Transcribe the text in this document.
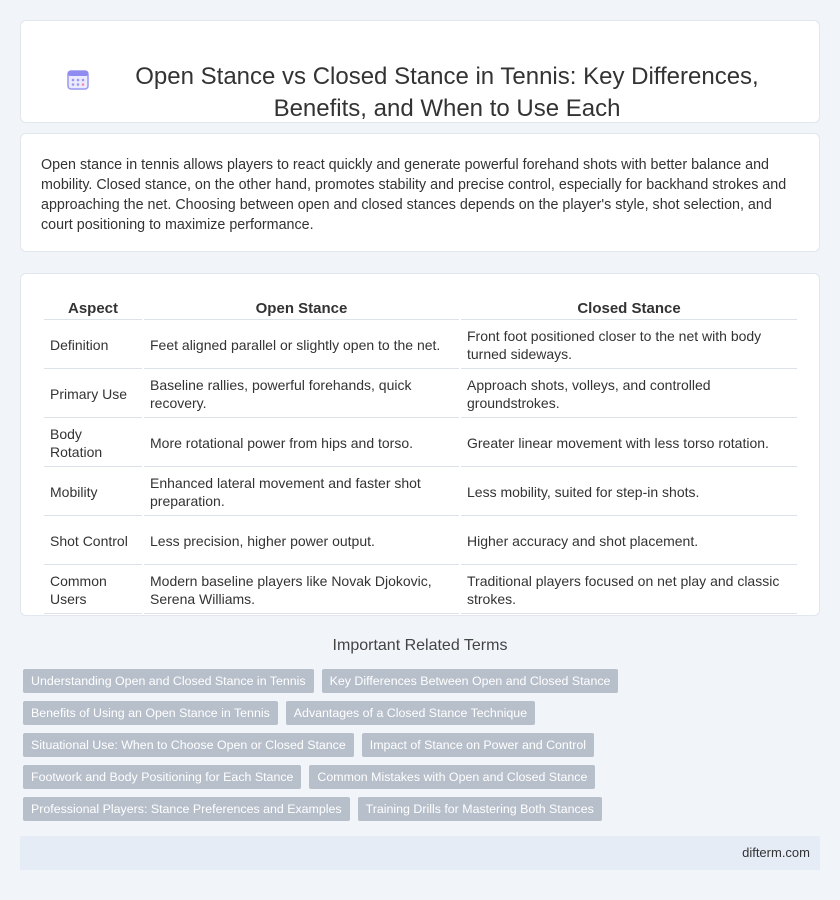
Open Stance vs Closed Stance in Tennis: Key Differences, Benefits, and When to Use Each

Open stance in tennis allows players to react quickly and generate powerful forehand shots with better balance and mobility. Closed stance, on the other hand, promotes stability and precise control, especially for backhand strokes and approaching the net. Choosing between open and closed stances depends on the player's style, shot selection, and court positioning to maximize performance.

Aspect	Open Stance	Closed Stance
Definition	Feet aligned parallel or slightly open to the net.	Front foot positioned closer to the net with body turned sideways.
Primary Use	Baseline rallies, powerful forehands, quick recovery.	Approach shots, volleys, and controlled groundstrokes.
Body Rotation	More rotational power from hips and torso.	Greater linear movement with less torso rotation.
Mobility	Enhanced lateral movement and faster shot preparation.	Less mobility, suited for step-in shots.
Shot Control	Less precision, higher power output.	Higher accuracy and shot placement.
Common Users	Modern baseline players like Novak Djokovic, Serena Williams.	Traditional players focused on net play and classic strokes.
Important Related Terms
Understanding Open and Closed Stance in Tennis	Key Differences Between Open and Closed Stance
Benefits of Using an Open Stance in Tennis	Advantages of a Closed Stance Technique
Situational Use: When to Choose Open or Closed Stance	Impact of Stance on Power and Control
Footwork and Body Positioning for Each Stance	Common Mistakes with Open and Closed Stance
Professional Players: Stance Preferences and Examples	Training Drills for Mastering Both Stances
difterm.com
